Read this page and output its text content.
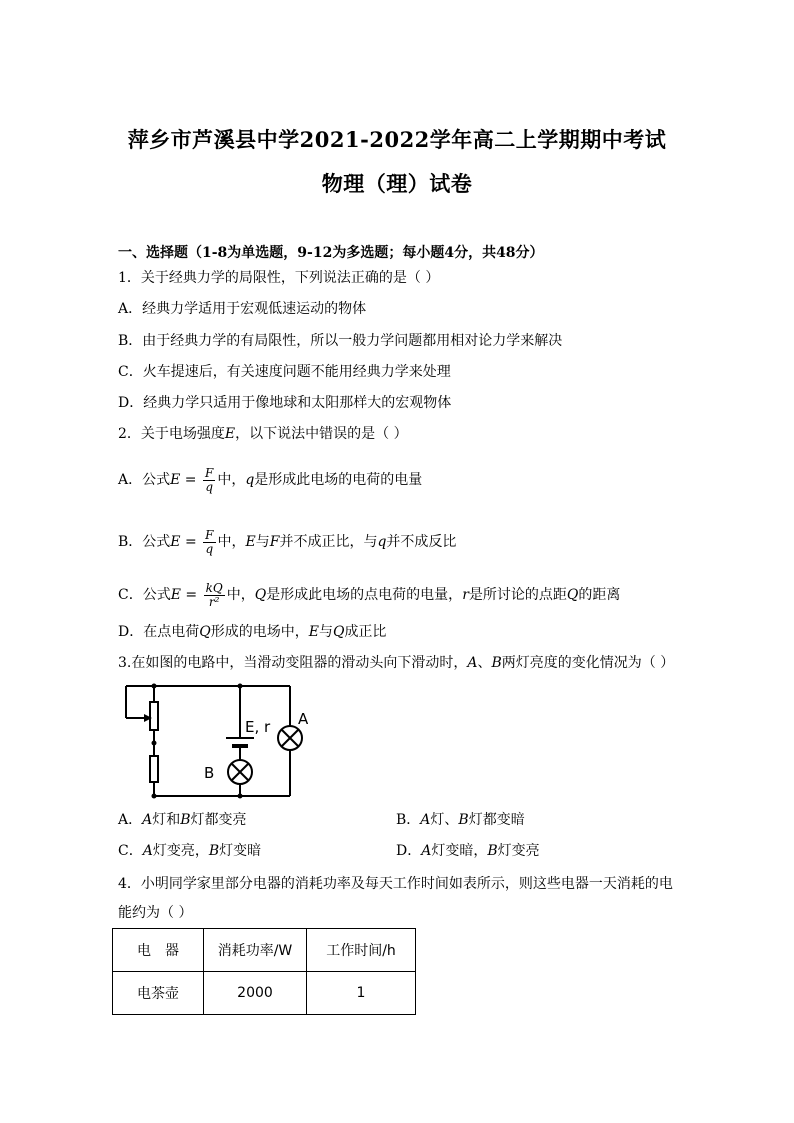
萍乡市芦溪县中学2021-2022学年高二上学期期中考试
物理（理）试卷
一、选择题（1-8为单选题，9-12为多选题；每小题4分，共48分）
1．关于经典力学的局限性，下列说法正确的是（ ）
A．经典力学适用于宏观低速运动的物体
B．由于经典力学的有局限性，所以一般力学问题都用相对论力学来解决
C．火车提速后，有关速度问题不能用经典力学来处理
D．经典力学只适用于像地球和太阳那样大的宏观物体
2．关于电场强度E，以下说法中错误的是（ ）
A．公式$E = \frac{F}{q}$ 中，q是形成此电场的电荷的电量
B．公式$E = \frac{F}{q}$ 中，E与F并不成正比，与q并不成反比
C．公式$E = \frac{kQ}{\text{r²}}$ 中，Q是形成此电场的点电荷的电量，r是所讨论的点距Q的距离
D．在点电荷Q形成的电场中，E与Q成正比
3.在如图的电路中，当滑动变阻器的滑动头向下滑动时，A、B两灯亮度的变化情况为（ ）
E, r A
B
A．A灯和B灯都变亮	B．A灯、B灯都变暗
C．A灯变亮，B灯变暗	D．A灯变暗，B灯变亮
4．小明同学家里部分电器的消耗功率及每天工作时间如表所示，则这些电器一天消耗的电
能约为（ ）
电　器	消耗功率/W	工作时间/h
电茶壶	2000	1
